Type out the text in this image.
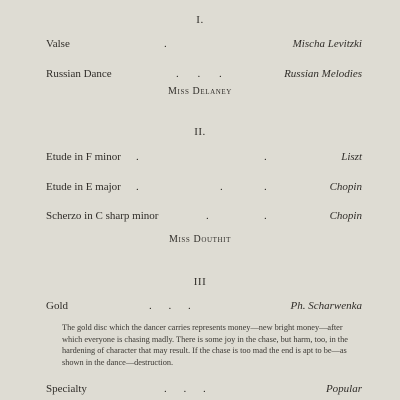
I.
Valse	.	Mischa Levitzki
Russian Dance	. . .	Russian Melodies
Miss Delaney
II.
Etude in F minor .	.	Liszt
Etude in E major .	.	.	Chopin
Scherzo in C sharp minor	.	.	Chopin
Miss Douthit
III
Gold	. . .	Ph. Scharwenka
The gold disc which the dancer carries represents money—new bright money—after which everyone is chasing madly. There is some joy in the chase, but harm, too, in the hardening of character that may result. If the chase is too mad the end is apt to be—as shown in the dance—destruction.
Specialty	. . .	Popular
